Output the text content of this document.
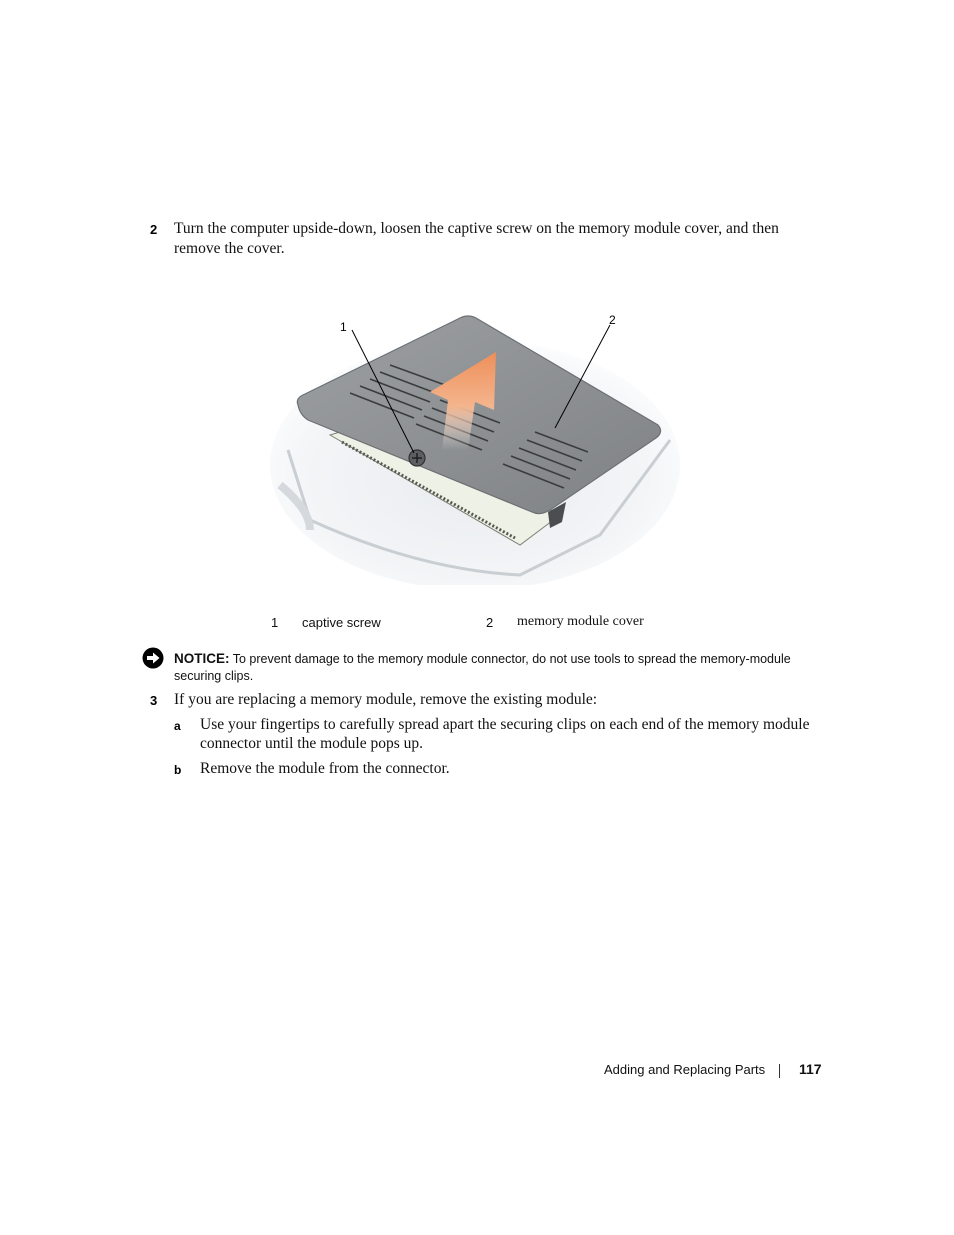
2 Turn the computer upside-down, loosen the captive screw on the memory module cover, and then
remove the cover.
1	2
1 captive screw	2 memory module cover
NOTICE: To prevent damage to the memory module connector, do not use tools to spread the memory-module securing clips.
3 If you are replacing a memory module, remove the existing module:
a Use your fingertips to carefully spread apart the securing clips on each end of the memory module
connector until the module pops up.
b Remove the module from the connector.
Adding and Replacing Parts 117
